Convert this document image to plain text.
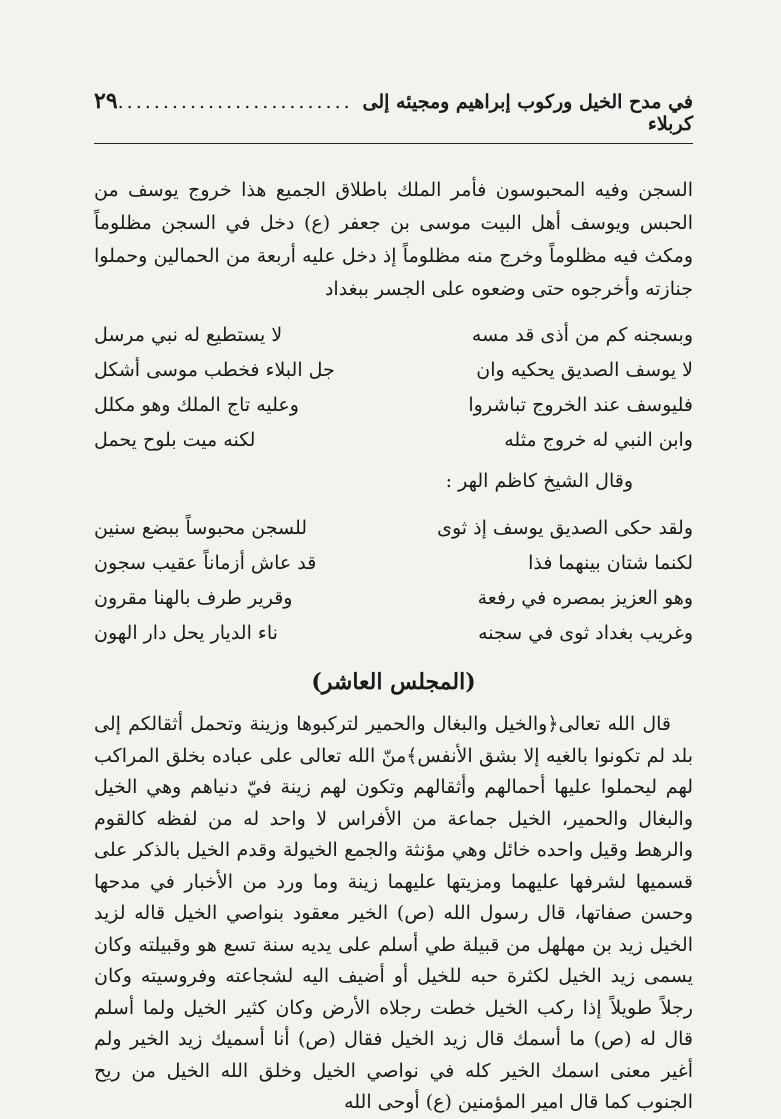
في مدح الخيل وركوب إبراهيم ومجيئه إلى كربلاء
..........................
٢٩

السجن وفيه المحبوسون فأمر الملك باطلاق الجميع هذا خروج يوسف من الحبس ويوسف أهل البيت موسى بن جعفر (ع) دخل في السجن مظلوماً ومكث فيه مظلوماً وخرج منه مظلوماً إذ دخل عليه أربعة من الحمالين وحملوا جنازته وأخرجوه حتى وضعوه على الجسر ببغداد

وبسجنه كم من أذى قد مسه
لا يستطيع له نبي مرسل
لا يوسف الصديق يحكيه وان
جل البلاء فخطب موسى أشكل
فليوسف عند الخروج تباشروا
وعليه تاج الملك وهو مكلل
وابن النبي له خروج مثله
لكنه ميت بلوح يحمل
وقال الشيخ كاظم الهر :
ولقد حكى الصديق يوسف إذ ثوى
للسجن محبوساً ببضع سنين
لكنما شتان بينهما فذا
قد عاش أزماناً عقيب سجون
وهو العزيز بمصره في رفعة
وقرير طرف بالهنا مقرون
وغريب بغداد ثوى في سجنه
ناء الديار يحل دار الهون
(المجلس العاشر)

قال الله تعالى﴿والخيل والبغال والحمير لتركبوها وزينة وتحمل أثقالكم إلى بلد لم تكونوا بالغيه إلا بشق الأنفس﴾منّ الله تعالى على عباده بخلق المراكب لهم ليحملوا عليها أحمالهم وأثقالهم وتكون لهم زينة فيّ دنياهم وهي الخيل والبغال والحمير، الخيل جماعة من الأفراس لا واحد له من لفظه كالقوم والرهط وقيل واحده خائل وهي مؤنثة والجمع الخيولة وقدم الخيل بالذكر على قسميها لشرفها عليهما ومزيتها عليهما زينة وما ورد من الأخبار في مدحها وحسن صفاتها، قال رسول الله (ص) الخير معقود بنواصي الخيل قاله لزيد الخيل زيد بن مهلهل من قبيلة طي أسلم على يديه سنة تسع هو وقبيلته وكان يسمى زيد الخيل لكثرة حبه للخيل أو أضيف اليه لشجاعته وفروسيته وكان رجلاً طويلاً إذا ركب الخيل خطت رجلاه الأرض وكان كثير الخيل ولما أسلم قال له (ص) ما أسمك قال زيد الخيل فقال (ص) أنا أسميك زيد الخير ولم أغير معنى اسمك الخير كله في نواصي الخيل وخلق الله الخيل من ريح الجنوب كما قال امير المؤمنين (ع) أوحى الله
